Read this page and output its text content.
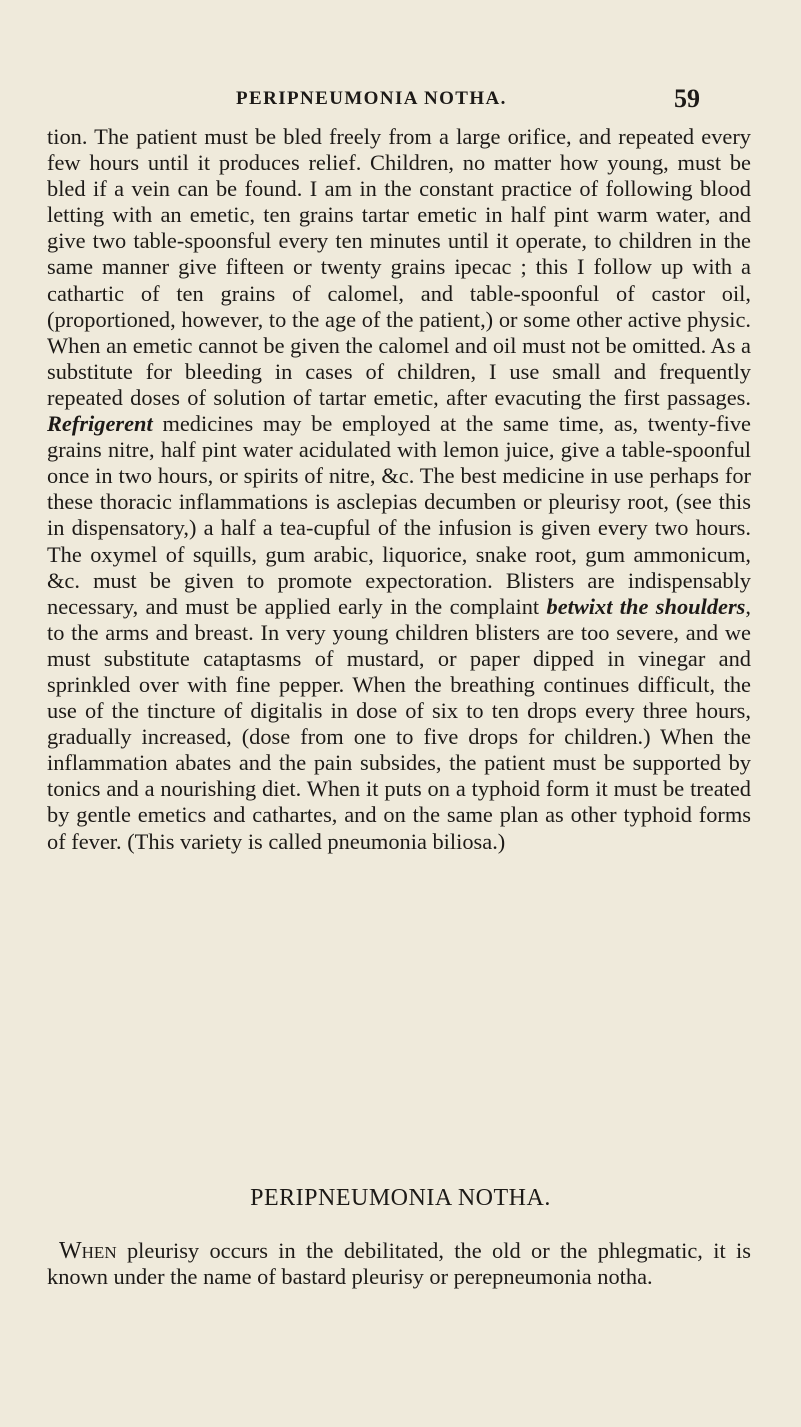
PERIPNEUMONIA NOTHA.	59

tion. The patient must be bled freely from a large orifice, and repeated every few hours until it produces relief. Children, no matter how young, must be bled if a vein can be found. I am in the constant practice of following blood letting with an emetic, ten grains tartar emetic in half pint warm water, and give two table-spoonsful every ten minutes until it operate, to children in the same manner give fifteen or twenty grains ipecac ; this I follow up with a cathartic of ten grains of calomel, and table-spoonful of castor oil, (proportioned, however, to the age of the patient,) or some other active physic. When an emetic cannot be given the calomel and oil must not be omitted. As a substitute for bleeding in cases of children, I use small and frequently repeated doses of solution of tartar emetic, after evacuting the first passages. Refrigerent medicines may be employed at the same time, as, twenty-five grains nitre, half pint water acidulated with lemon juice, give a table-spoonful once in two hours, or spirits of nitre, &c. The best medicine in use perhaps for these thoracic inflammations is asclepias decumben or pleurisy root, (see this in dispensatory,) a half a tea-cupful of the infusion is given every two hours. The oxymel of squills, gum arabic, liquorice, snake root, gum ammonicum, &c. must be given to promote expectoration. Blisters are indispensably necessary, and must be applied early in the complaint betwixt the shoulders, to the arms and breast. In very young children blisters are too severe, and we must substitute cataptasms of mustard, or paper dipped in vinegar and sprinkled over with fine pepper. When the breathing continues difficult, the use of the tincture of digitalis in dose of six to ten drops every three hours, gradually increased, (dose from one to five drops for children.) When the inflammation abates and the pain subsides, the patient must be supported by tonics and a nourishing diet. When it puts on a typhoid form it must be treated by gentle emetics and cathartes, and on the same plan as other typhoid forms of fever. (This variety is called pneumonia biliosa.)

PERIPNEUMONIA NOTHA.

When pleurisy occurs in the debilitated, the old or the phlegmatic, it is known under the name of bastard pleurisy or perepneumonia notha.
